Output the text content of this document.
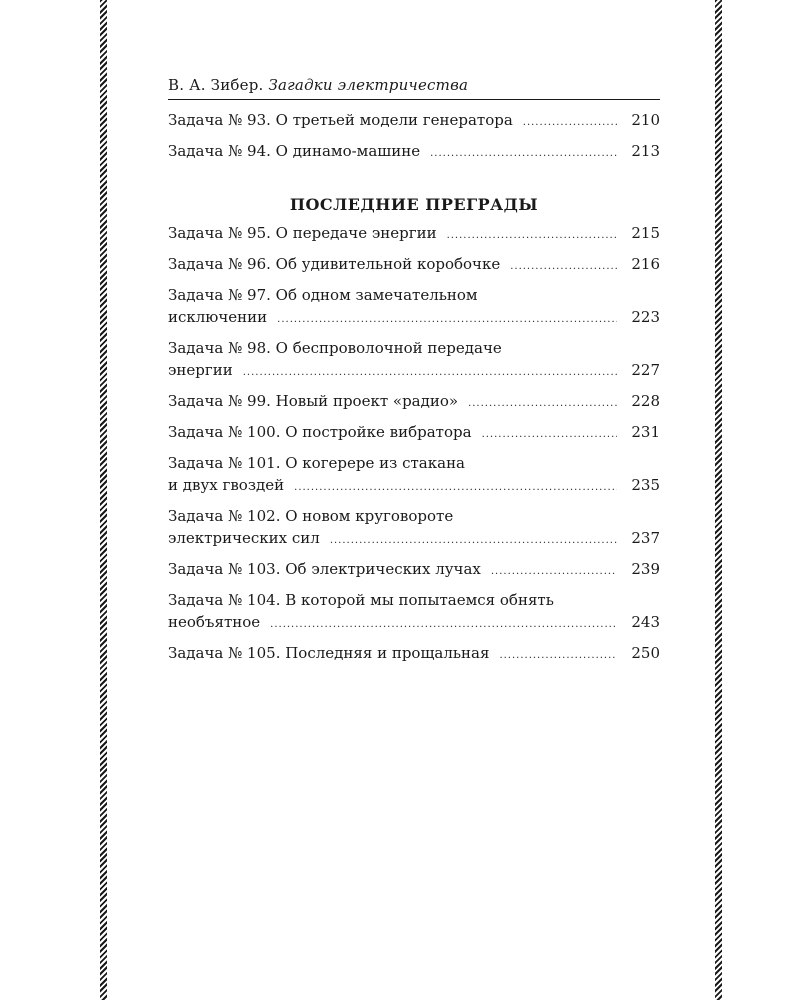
В. А. Зибер. Загадки электричества
Задача № 93. О третьей модели генератора .....	210
Задача № 94. О динамо-машине .....	213
ПОСЛЕДНИЕ ПРЕГРАДЫ
Задача № 95. О передаче энергии .....	215
Задача № 96. Об удивительной коробочке .....	216
Задача № 97. Об одном замечательном
исключении .....	223
Задача № 98. О беспроволочной передаче
энергии .....	227
Задача № 99. Новый проект «радио» .....	228
Задача № 100. О постройке вибратора .....	231
Задача № 101. О когерере из стакана
и двух гвоздей .....	235
Задача № 102. О новом круговороте
электрических сил .....	237
Задача № 103. Об электрических лучах .....	239
Задача № 104. В которой мы попытаемся обнять
необъятное .....	243
Задача № 105. Последняя и прощальная .....	250
